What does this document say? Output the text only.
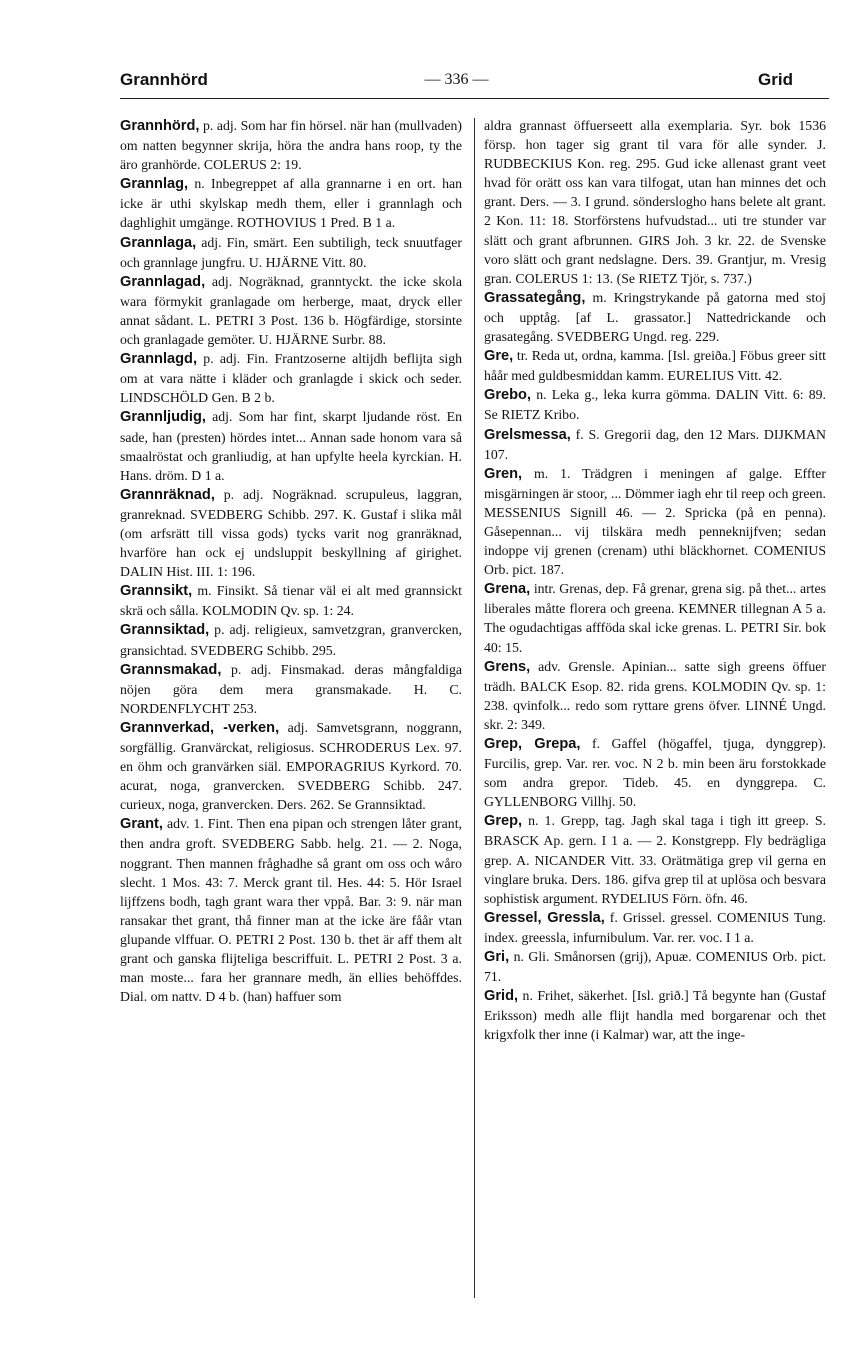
Grannhörd	— 336 —	Grid

Grannhörd, p. adj. Som har fin hörsel. när han (mullvaden) om natten begynner skrija, höra the andra hans roop, ty the äro granhörde. COLERUS 2: 19.

Grannlag, n. Inbegreppet af alla grannarne i en ort. han icke är uthi skylskap medh them, eller i grannlagh och daghlighit umgänge. ROTHOVIUS 1 Pred. B 1 a.

Grannlaga, adj. Fin, smärt. Een subtiligh, teck snuutfager och grannlage jungfru. U. HJÄRNE Vitt. 80.

Grannlagad, adj. Nogräknad, granntyckt. the icke skola wara förmykit granlagade om herberge, maat, dryck eller annat sådant. L. PETRI 3 Post. 136 b. Högfärdige, storsinte och granlagade gemöter. U. HJÄRNE Surbr. 88.

Grannlagd, p. adj. Fin. Frantzoserne altijdh beflijta sigh om at vara nätte i kläder och granlagde i skick och seder. LINDSCHÖLD Gen. B 2 b.

Grannljudig, adj. Som har fint, skarpt ljudande röst. En sade, han (presten) hördes intet... Annan sade honom vara så smaalröstat och granliudig, at han upfylte heela kyrckian. H. Hans. dröm. D 1 a.

Grannräknad, p. adj. Nogräknad. scrupuleus, laggran, granreknad. SVEDBERG Schibb. 297. K. Gustaf i slika mål (om arfsrätt till vissa gods) tycks varit nog granräknad, hvarföre han ock ej undsluppit beskyllning af girighet. DALIN Hist. III. 1: 196.

Grannsikt, m. Finsikt. Så tienar väl ei alt med grannsickt skrä och sålla. KOLMODIN Qv. sp. 1: 24.

Grannsiktad, p. adj. religieux, samvetzgran, granvercken, gransichtad. SVEDBERG Schibb. 295.

Grannsmakad, p. adj. Finsmakad. deras mångfaldiga nöjen göra dem mera gransmakade. H. C. NORDENFLYCHT 253.

Grannverkad, -verken, adj. Samvetsgrann, noggrann, sorgfällig. Granvärckat, religiosus. SCHRODERUS Lex. 97. en öhm och granvärken siäl. EMPORAGRIUS Kyrkord. 70. acurat, noga, granvercken. SVEDBERG Schibb. 247. curieux, noga, granvercken. Ders. 262. Se Grannsiktad.

Grant, adv. 1. Fint. Then ena pipan och strengen låter grant, then andra groft. SVEDBERG Sabb. helg. 21. — 2. Noga, noggrant. Then mannen fråghadhe så grant om oss och wåro slecht. 1 Mos. 43: 7. Merck grant til. Hes. 44: 5. Hör Israel lijffzens bodh, tagh grant wara ther vppå. Bar. 3: 9. när man ransakar thet grant, thå finner man at the icke äre fåår vtan glupande vlffuar. O. PETRI 2 Post. 130 b. thet är aff them alt grant och ganska flijteliga bescriffuit. L. PETRI 2 Post. 3 a. man moste... fara her grannare medh, än ellies behöffdes. Dial. om nattv. D 4 b. (han) haffuer som

aldra grannast öffuerseett alla exemplaria. Syr. bok 1536 försp. hon tager sig grant til vara för alle synder. J. RUDBECKIUS Kon. reg. 295. Gud icke allenast grant veet hvad för orätt oss kan vara tilfogat, utan han minnes det och grant. Ders. — 3. I grund. sönderslogho hans belete alt grant. 2 Kon. 11: 18. Storförstens hufvudstad... uti tre stunder var slätt och grant afbrunnen. GIRS Joh. 3 kr. 22. de Svenske voro slätt och grant nedslagne. Ders. 39. Grantjur, m. Vresig gran. COLERUS 1: 13. (Se RIETZ Tjör, s. 737.)

Grassategång, m. Kringstrykande på gatorna med stoj och upptåg. [af L. grassator.] Nattedrickande och grasategång. SVEDBERG Ungd. reg. 229.

Gre, tr. Reda ut, ordna, kamma. [Isl. greiða.] Föbus greer sitt håår med guldbesmiddan kamm. EURELIUS Vitt. 42.

Grebo, n. Leka g., leka kurra gömma. DALIN Vitt. 6: 89. Se RIETZ Kribo.

Grelsmessa, f. S. Gregorii dag, den 12 Mars. DIJKMAN 107.

Gren, m. 1. Trädgren i meningen af galge. Effter misgärningen är stoor, ... Dömmer iagh ehr til reep och green. MESSENIUS Signill 46. — 2. Spricka (på en penna). Gåsepennan... vij tilskära medh penneknijfven; sedan indoppe vij grenen (crenam) uthi bläckhornet. COMENIUS Orb. pict. 187.

Grena, intr. Grenas, dep. Få grenar, grena sig. på thet... artes liberales måtte florera och greena. KEMNER tillegnan A 5 a. The ogudachtigas affföda skal icke grenas. L. PETRI Sir. bok 40: 15.

Grens, adv. Grensle. Apinian... satte sigh greens öffuer trädh. BALCK Esop. 82. rida grens. KOLMODIN Qv. sp. 1: 238. qvinfolk... redo som ryttare grens öfver. LINNÉ Ungd. skr. 2: 349.

Grep, Grepa, f. Gaffel (högaffel, tjuga, dynggrep). Furcilis, grep. Var. rer. voc. N 2 b. min been äru forstokkade som andra grepor. Tideb. 45. en dynggrepa. C. GYLLENBORG Villhj. 50.

Grep, n. 1. Grepp, tag. Jagh skal taga i tigh itt greep. S. BRASCK Ap. gern. I 1 a. — 2. Konstgrepp. Fly bedrägliga grep. A. NICANDER Vitt. 33. Orätmätiga grep vil gerna en vinglare bruka. Ders. 186. gifva grep til at uplösa och besvara sophistisk argument. RYDELIUS Förn. öfn. 46.

Gressel, Gressla, f. Grissel. gressel. COMENIUS Tung. index. greessla, infurnibulum. Var. rer. voc. I 1 a.

Gri, n. Gli. Smånorsen (grij), Apuæ. COMENIUS Orb. pict. 71.

Grid, n. Frihet, säkerhet. [Isl. grið.] Tå begynte han (Gustaf Eriksson) medh alle flijt handla med borgarenar och thet krigxfolk ther inne (i Kalmar) war, att the inge-
